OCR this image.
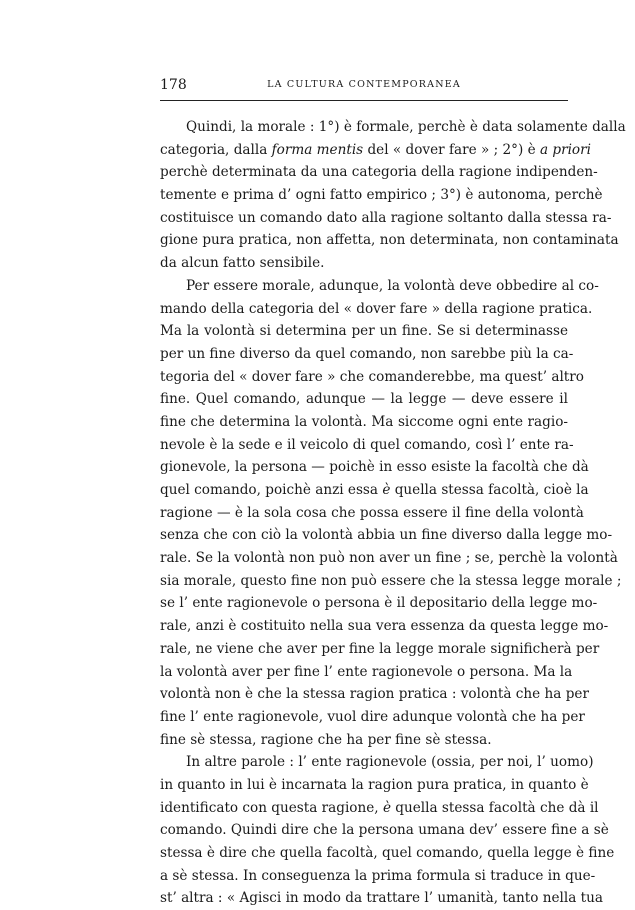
178	LA CULTURA CONTEMPORANEA
Quindi, la morale : 1°) è formale, perchè è data solamente dalla
categoria, dalla forma mentis del « dover fare » ; 2°) è a priori
perchè determinata da una categoria della ragione indipenden-
temente e prima d’ ogni fatto empirico ; 3°) è autonoma, perchè
costituisce un comando dato alla ragione soltanto dalla stessa ra-
gione pura pratica, non affetta, non determinata, non contaminata
da alcun fatto sensibile.
Per essere morale, adunque, la volontà deve obbedire al co-
mando della categoria del « dover fare » della ragione pratica.
Ma la volontà si determina per un fine. Se si determinasse
per un fine diverso da quel comando, non sarebbe più la ca-
tegoria del « dover fare » che comanderebbe, ma quest’ altro
fine. Quel comando, adunque — la legge — deve essere il
fine che determina la volontà. Ma siccome ogni ente ragio-
nevole è la sede e il veicolo di quel comando, così l’ ente ra-
gionevole, la persona — poichè in esso esiste la facoltà che dà
quel comando, poichè anzi essa è quella stessa facoltà, cioè la
ragione — è la sola cosa che possa essere il fine della volontà
senza che con ciò la volontà abbia un fine diverso dalla legge mo-
rale. Se la volontà non può non aver un fine ; se, perchè la volontà
sia morale, questo fine non può essere che la stessa legge morale ;
se l’ ente ragionevole o persona è il depositario della legge mo-
rale, anzi è costituito nella sua vera essenza da questa legge mo-
rale, ne viene che aver per fine la legge morale significherà per
la volontà aver per fine l’ ente ragionevole o persona. Ma la
volontà non è che la stessa ragion pratica : volontà che ha per
fine l’ ente ragionevole, vuol dire adunque volontà che ha per
fine sè stessa, ragione che ha per fine sè stessa.
In altre parole : l’ ente ragionevole (ossia, per noi, l’ uomo)
in quanto in lui è incarnata la ragion pura pratica, in quanto è
identificato con questa ragione, è quella stessa facoltà che dà il
comando. Quindi dire che la persona umana dev’ essere fine a sè
stessa è dire che quella facoltà, quel comando, quella legge è fine
a sè stessa. In conseguenza la prima formula si traduce in que-
st’ altra : « Agisci in modo da trattare l’ umanità, tanto nella tua
